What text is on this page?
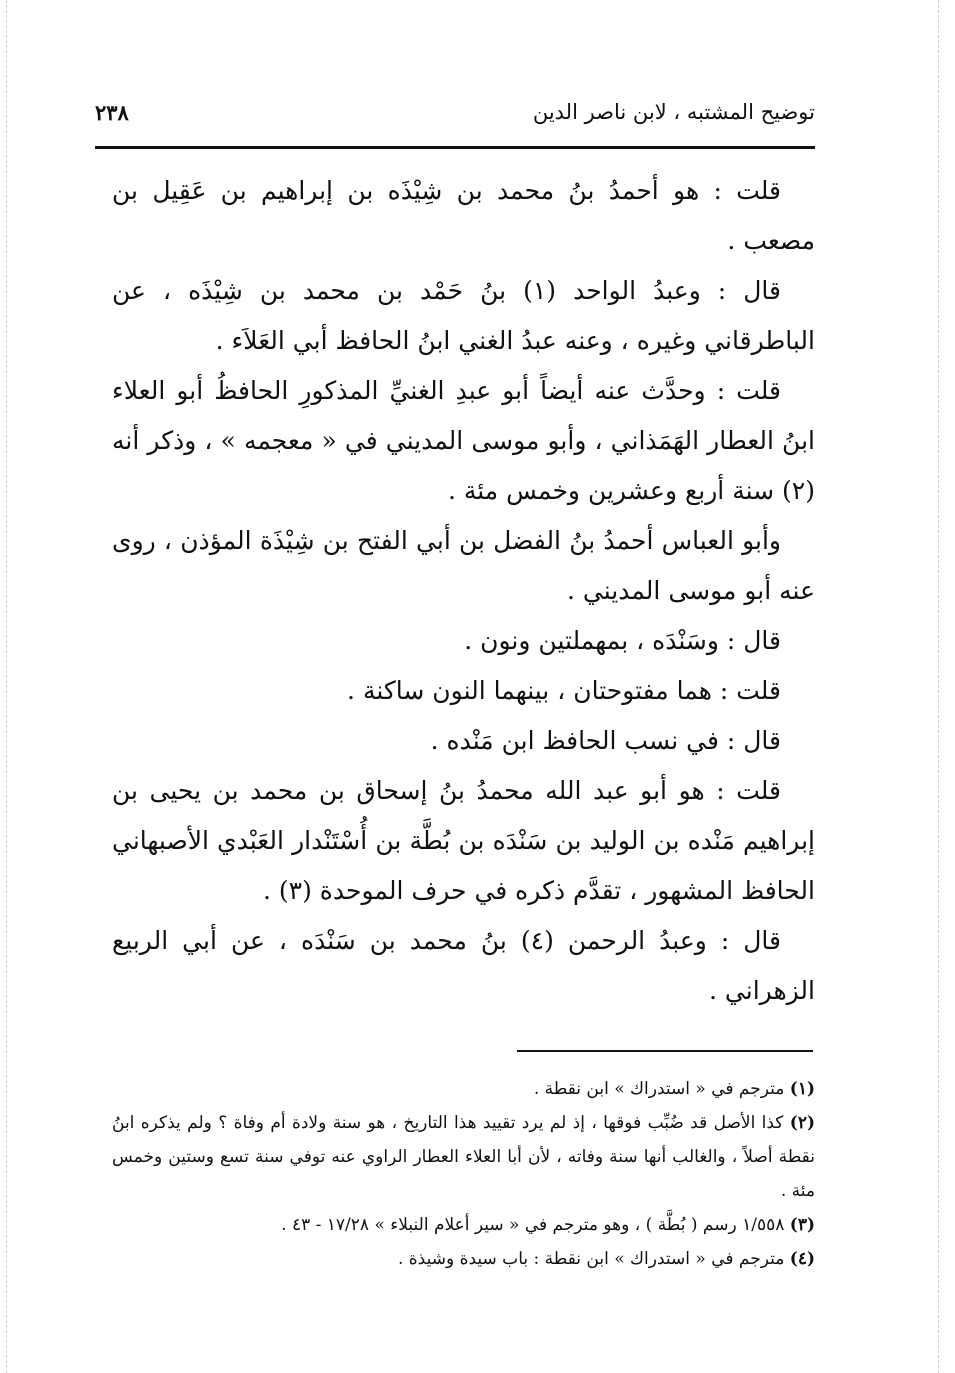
٢٣٨	توضيح المشتبه ، لابن ناصر الدين

قلت : هو أحمدُ بنُ محمد بن شِيْذَه بن إبراهيم بن عَقِيل بن مصعب .

قال : وعبدُ الواحد (١) بنُ حَمْد بن محمد بن شِيْذَه ، عن الباطرقاني وغيره ، وعنه عبدُ الغني ابنُ الحافظ أبي العَلاَء .

قلت : وحدَّث عنه أيضاً أبو عبدِ الغنيِّ المذكورِ الحافظُ أبو العلاء ابنُ العطار الهَمَذاني ، وأبو موسى المديني في « معجمه » ، وذكر أنه (٢) سنة أربع وعشرين وخمس مئة .

وأبو العباس أحمدُ بنُ الفضل بن أبي الفتح بن شِيْذَة المؤذن ، روى عنه أبو موسى المديني .

قال : وسَنْدَه ، بمهملتين ونون .

قلت : هما مفتوحتان ، بينهما النون ساكنة .

قال : في نسب الحافظ ابن مَنْده .

قلت : هو أبو عبد الله محمدُ بنُ إسحاق بن محمد بن يحيى بن إبراهيم مَنْده بن الوليد بن سَنْدَه بن بُطَّة بن أُسْتَنْدار العَبْدي الأصبهاني الحافظ المشهور ، تقدَّم ذكره في حرف الموحدة (٣) .

قال : وعبدُ الرحمن (٤) بنُ محمد بن سَنْدَه ، عن أبي الربيع الزهراني .

(١) مترجم في « استدراك » ابن نقطة .

(٢) كذا الأصل قد ضُبِّب فوقها ، إذ لم يرد تقييد هذا التاريخ ، هو سنة ولادة أم وفاة ؟ ولم يذكره ابنُ نقطة أصلاً ، والغالب أنها سنة وفاته ، لأن أبا العلاء العطار الراوي عنه توفي سنة تسع وستين وخمس مئة .

(٣) ١/٥٥٨ رسم ( بُطَّة ) ، وهو مترجم في « سير أعلام النبلاء » ١٧/٢٨ - ٤٣ .

(٤) مترجم في « استدراك » ابن نقطة : باب سيدة وشيذة .
